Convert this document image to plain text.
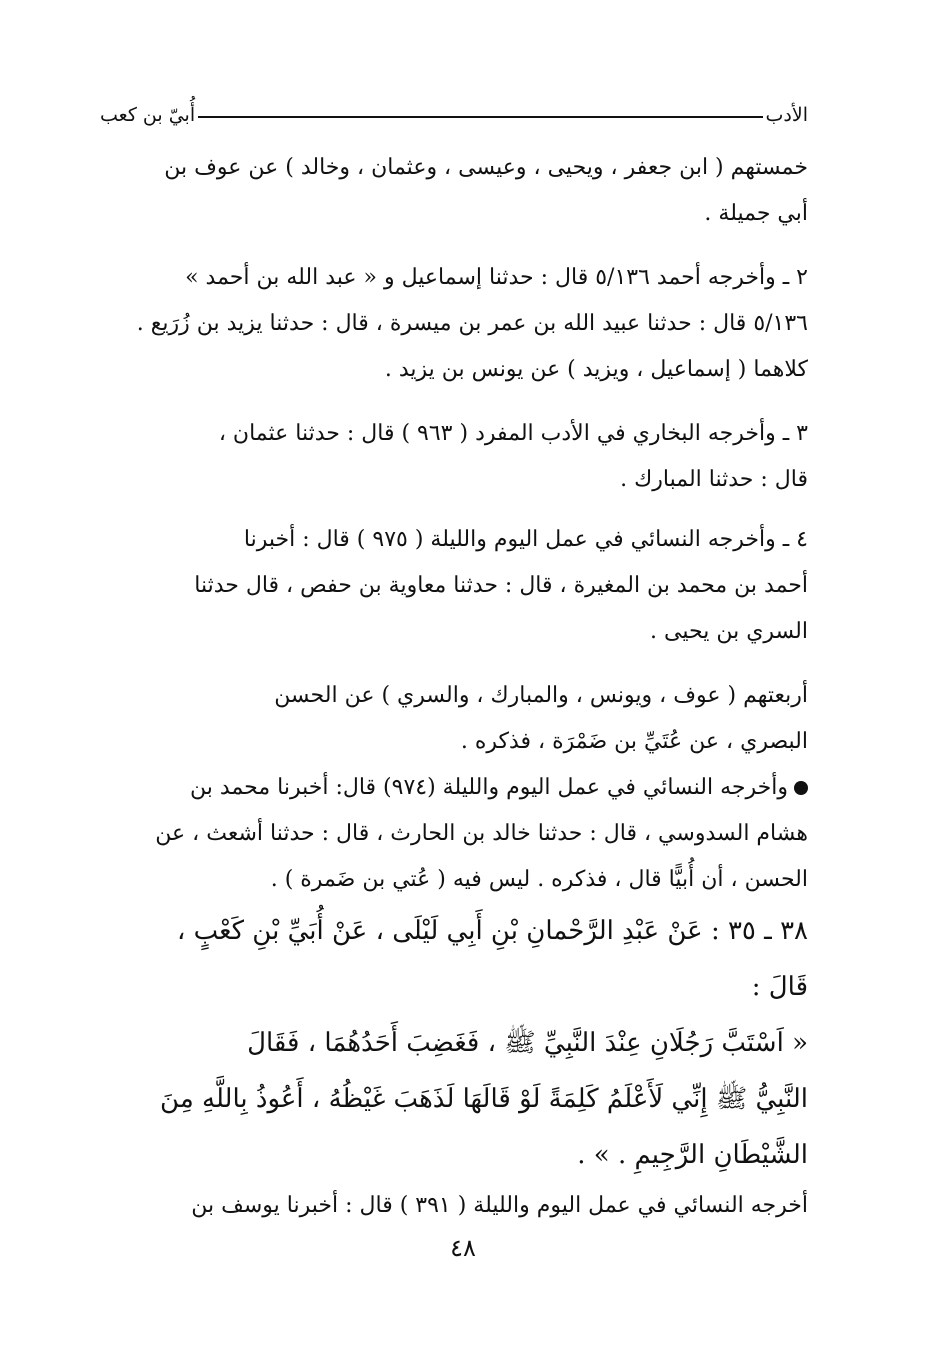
الأدب
أُبيّ بن كعب
خمستهم ( ابن جعفر ، ويحيى ، وعيسى ، وعثمان ، وخالد ) عن عوف بن
أبي جميلة .
٢ ـ وأخرجه أحمد ٥/١٣٦ قال : حدثنا إسماعيل و « عبد الله بن أحمد »
٥/١٣٦ قال : حدثنا عبيد الله بن عمر بن ميسرة ، قال : حدثنا يزيد بن زُرَيع .
كلاهما ( إسماعيل ، ويزيد ) عن يونس بن يزيد .
٣ ـ وأخرجه البخاري في الأدب المفرد ( ٩٦٣ ) قال : حدثنا عثمان ،
قال : حدثنا المبارك .
٤ ـ وأخرجه النسائي في عمل اليوم والليلة ( ٩٧٥ ) قال : أخبرنا
أحمد بن محمد بن المغيرة ، قال : حدثنا معاوية بن حفص ، قال حدثنا
السري بن يحيى .
أربعتهم ( عوف ، ويونس ، والمبارك ، والسري ) عن الحسن
البصري ، عن عُتَيِّ بن ضَمْرَة ، فذكره .
وأخرجه النسائي في عمل اليوم والليلة (٩٧٤) قال: أخبرنا محمد بن
هشام السدوسي ، قال : حدثنا خالد بن الحارث ، قال : حدثنا أشعث ، عن
الحسن ، أن أُبيًّا قال ، فذكره . ليس فيه ( عُتي بن ضَمرة ) .
٣٨ ـ ٣٥ : عَنْ عَبْدِ الرَّحْمانِ بْنِ أَبِي لَيْلَى ، عَنْ أُبَيِّ بْنِ كَعْبٍ ،
قَالَ :
« اَسْتَبَّ رَجُلَانِ عِنْدَ النَّبِيِّ ﷺ ، فَغَضِبَ أَحَدُهُمَا ، فَقَالَ
النَّبِيُّ ﷺ إِنِّي لَأَعْلَمُ كَلِمَةً لَوْ قَالَهَا لَذَهَبَ غَيْظُهُ ، أَعُوذُ بِاللَّهِ مِنَ
الشَّيْطَانِ الرَّجِيمِ . » .
أخرجه النسائي في عمل اليوم والليلة ( ٣٩١ ) قال : أخبرنا يوسف بن
٤٨
